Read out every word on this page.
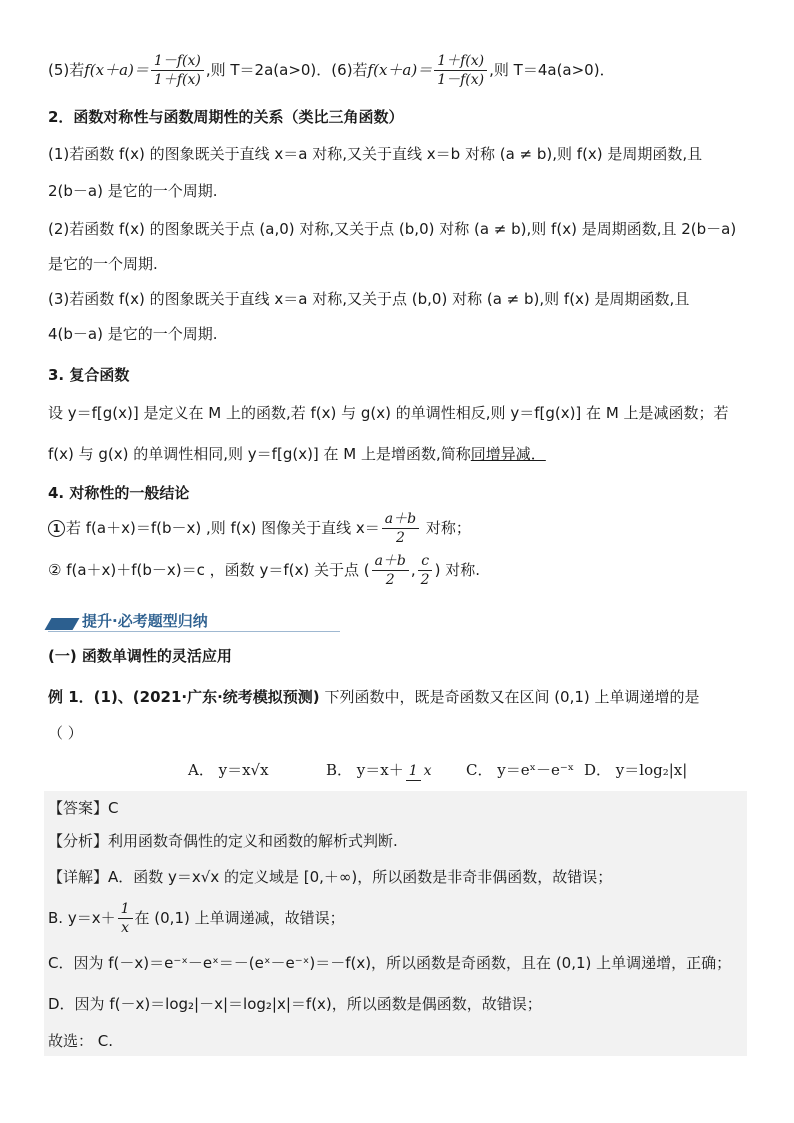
(5)若$f(x+a)= \frac{1-f(x)}{1+f(x)}$ ,则 T＝2a(a>0)．(6)若$f(x+a)= \frac{1+f(x)}{1-f(x)}$ ,则 T＝4a(a>0)．
2．函数对称性与函数周期性的关系（类比三角函数）
(1)若函数 f(x) 的图象既关于直线 x＝a 对称,又关于直线 x＝b 对称 (a ≠ b),则 f(x) 是周期函数,且
2(b－a) 是它的一个周期.
(2)若函数 f(x) 的图象既关于点 (a,0) 对称,又关于点 (b,0) 对称 (a ≠ b),则 f(x) 是周期函数,且 2(b－a)
是它的一个周期.
(3)若函数 f(x) 的图象既关于直线 x＝a 对称,又关于点 (b,0) 对称 (a ≠ b),则 f(x) 是周期函数,且
4(b－a) 是它的一个周期.
3. 复合函数
设 y＝f[g(x)] 是定义在 M 上的函数,若 f(x) 与 g(x) 的单调性相反,则 y＝f[g(x)] 在 M 上是减函数；若
f(x) 与 g(x) 的单调性相同,则 y＝f[g(x)] 在 M 上是增函数,简称同增异减．
4. 对称性的一般结论
1 若 f(a＋x)＝f(b－x) ,则 f(x) 图像关于直线 $x= \frac{a+b}{2}$ 对称；
② f(a＋x)＋f(b－x)＝c ，函数 y＝f(x) 关于点 ( $\frac{a+b}{2}$ , $\frac{c}{2}$ ) 对称.
提升·必考题型归纳
(一) 函数单调性的灵活应用
例 1．(1)、(2021·广东·统考模拟预测) 下列函数中，既是奇函数又在区间 (0,1) 上单调递增的是
（ ）
A． y＝x√x	B． y＝x＋ 1 x C． y＝eˣ－e⁻ˣ D． y＝log₂|x|
【答案】C
【分析】利用函数奇偶性的定义和函数的解析式判断.
【详解】A．函数 y＝x√x 的定义域是 [0,＋∞)，所以函数是非奇非偶函数，故错误；
B. $y=x+ \frac{1}{x}$ 在 (0,1) 上单调递减，故错误；
C．因为 f(－x)＝e⁻ˣ－eˣ＝－(eˣ－e⁻ˣ)＝－f(x)，所以函数是奇函数，且在 (0,1) 上单调递增，正确；
D．因为 f(－x)＝log₂|－x|＝log₂|x|＝f(x)，所以函数是偶函数，故错误；
故选： C.
